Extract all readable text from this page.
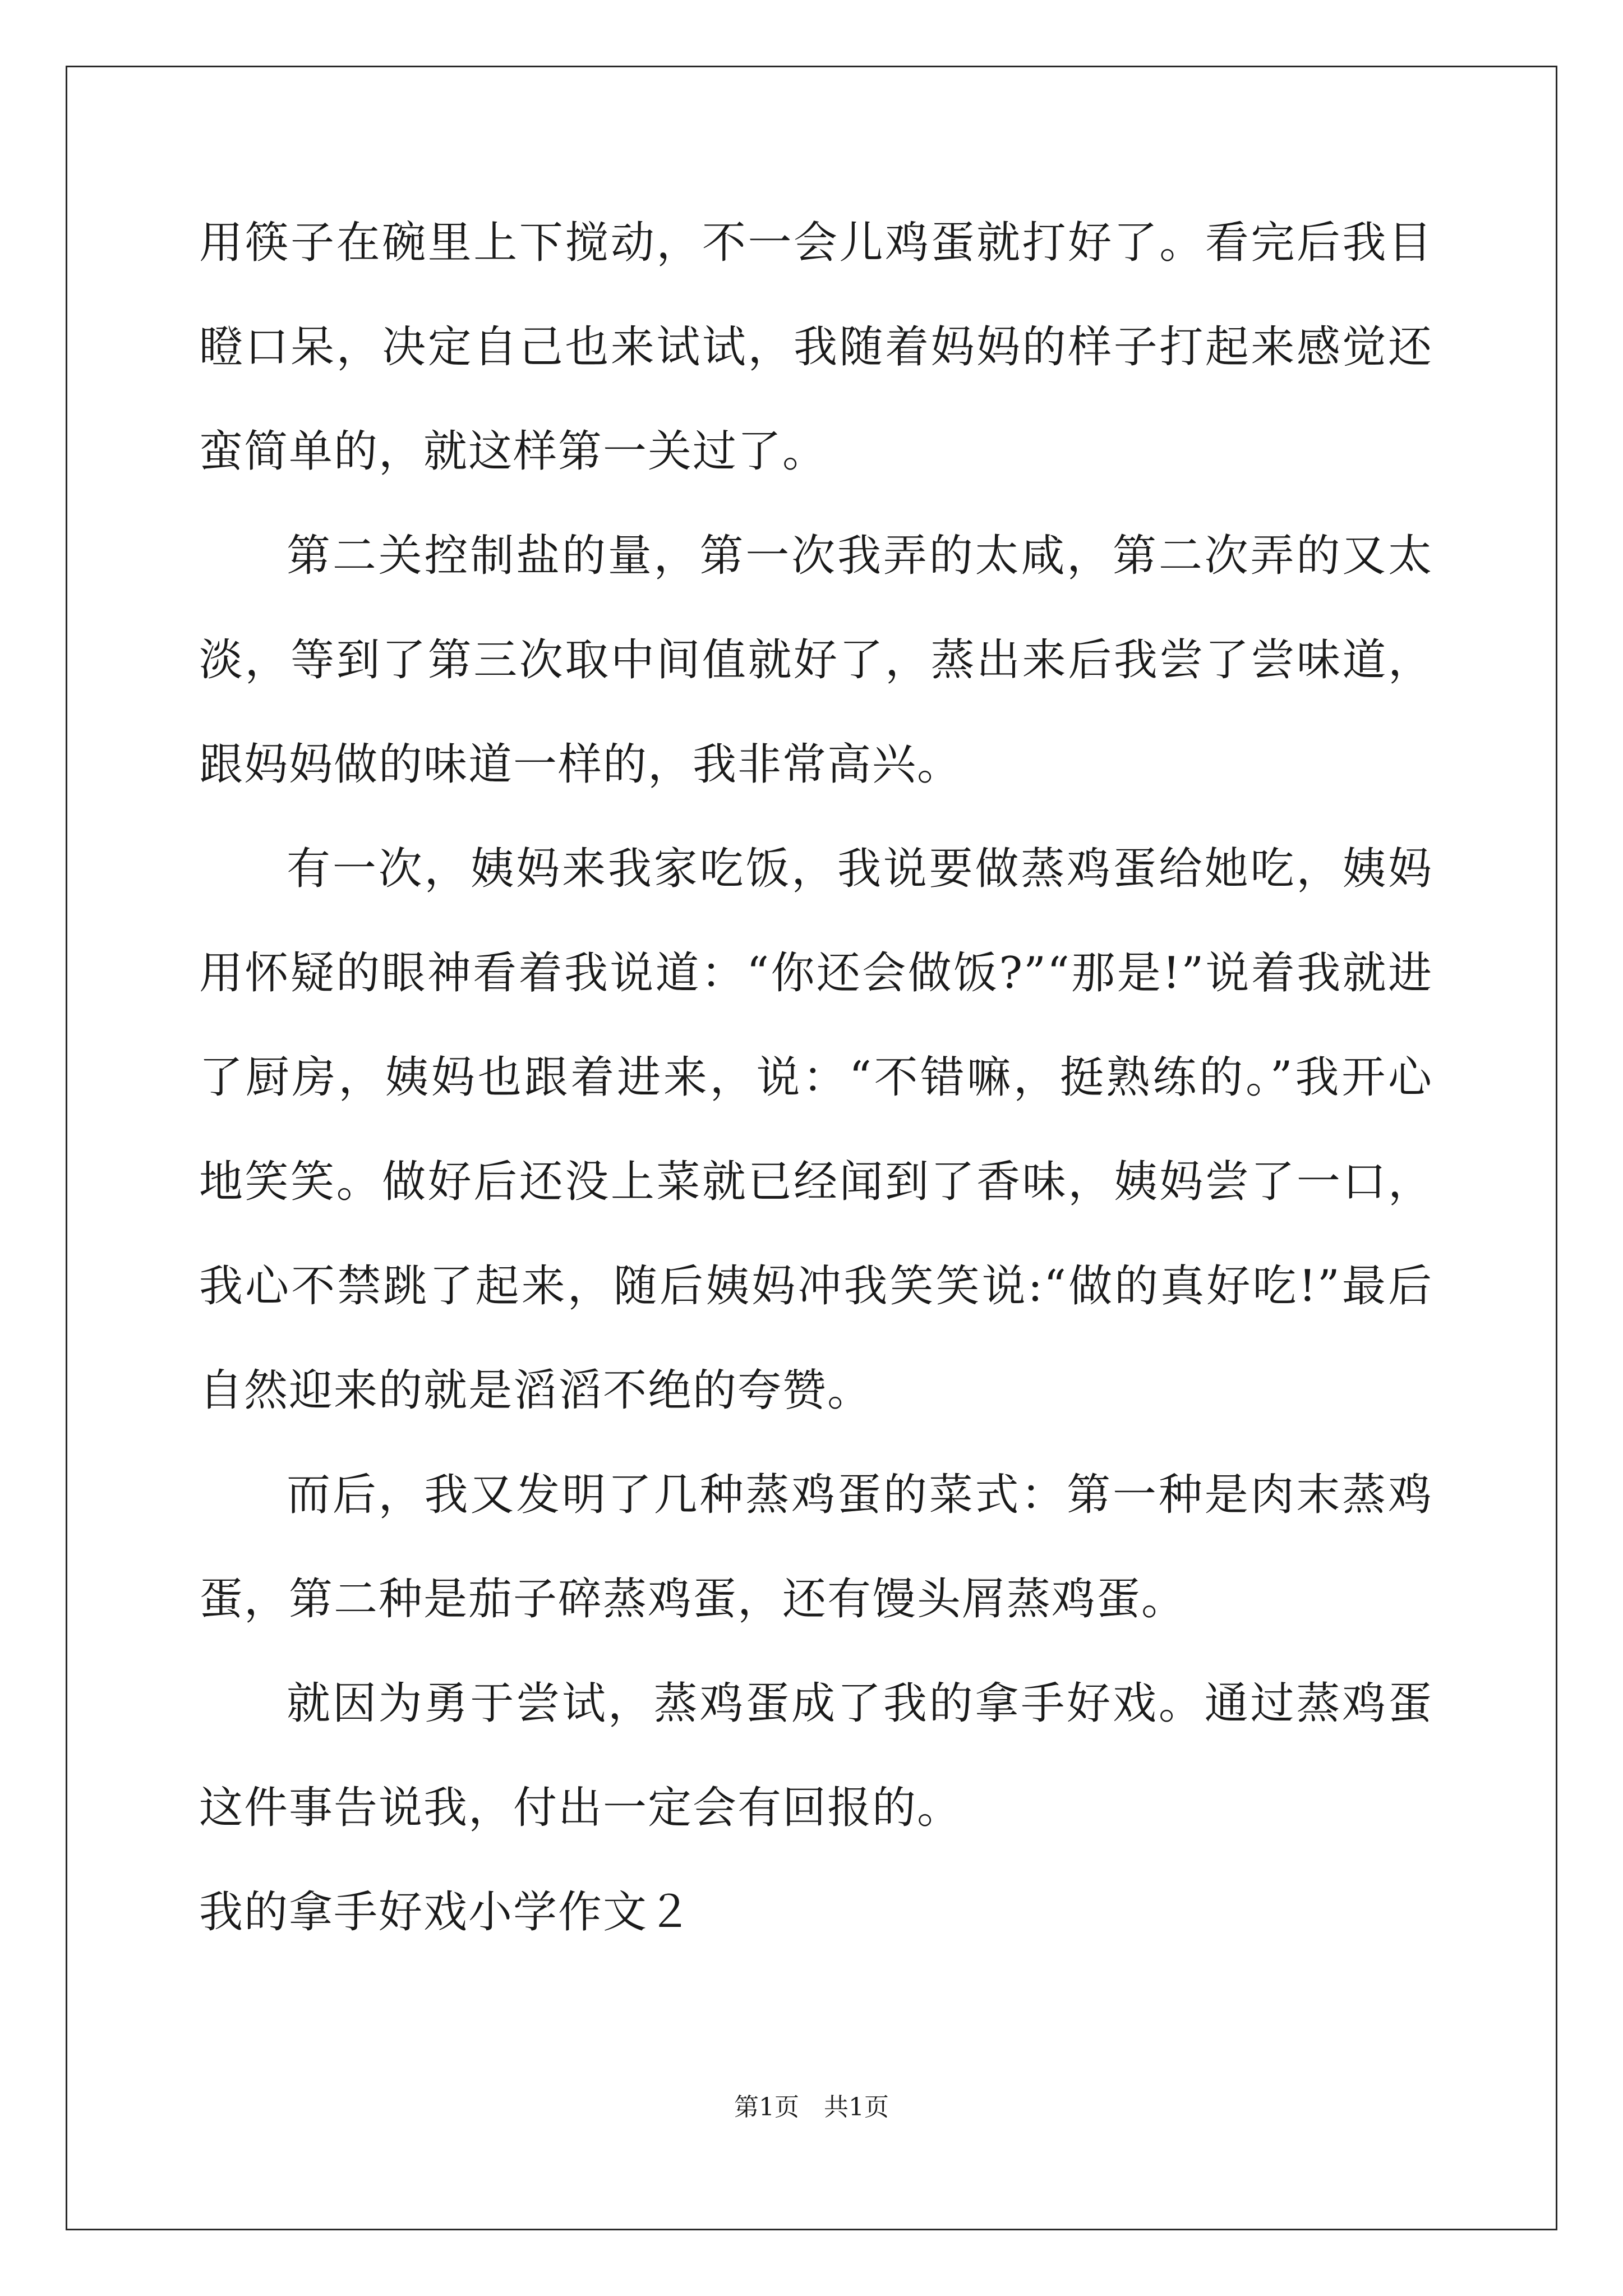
用筷子在碗里上下搅动，不一会儿鸡蛋就打好了。看完后我目瞪口呆，决定自己也来试试，我随着妈妈的样子打起来感觉还蛮简单的，就这样第一关过了。

第二关控制盐的量，第一次我弄的太咸，第二次弄的又太淡，等到了第三次取中间值就好了，蒸出来后我尝了尝味道，跟妈妈做的味道一样的，我非常高兴。

有一次，姨妈来我家吃饭，我说要做蒸鸡蛋给她吃，姨妈用怀疑的眼神看着我说道：“你还会做饭?”“那是!”说着我就进了厨房，姨妈也跟着进来，说：“不错嘛，挺熟练的。”我开心地笑笑。做好后还没上菜就已经闻到了香味，姨妈尝了一口，我心不禁跳了起来，随后姨妈冲我笑笑说:“做的真好吃!”最后自然迎来的就是滔滔不绝的夸赞。

而后，我又发明了几种蒸鸡蛋的菜式：第一种是肉末蒸鸡蛋，第二种是茄子碎蒸鸡蛋，还有馒头屑蒸鸡蛋。

就因为勇于尝试，蒸鸡蛋成了我的拿手好戏。通过蒸鸡蛋这件事告说我，付出一定会有回报的。

我的拿手好戏小学作文２

第1页 共1页
